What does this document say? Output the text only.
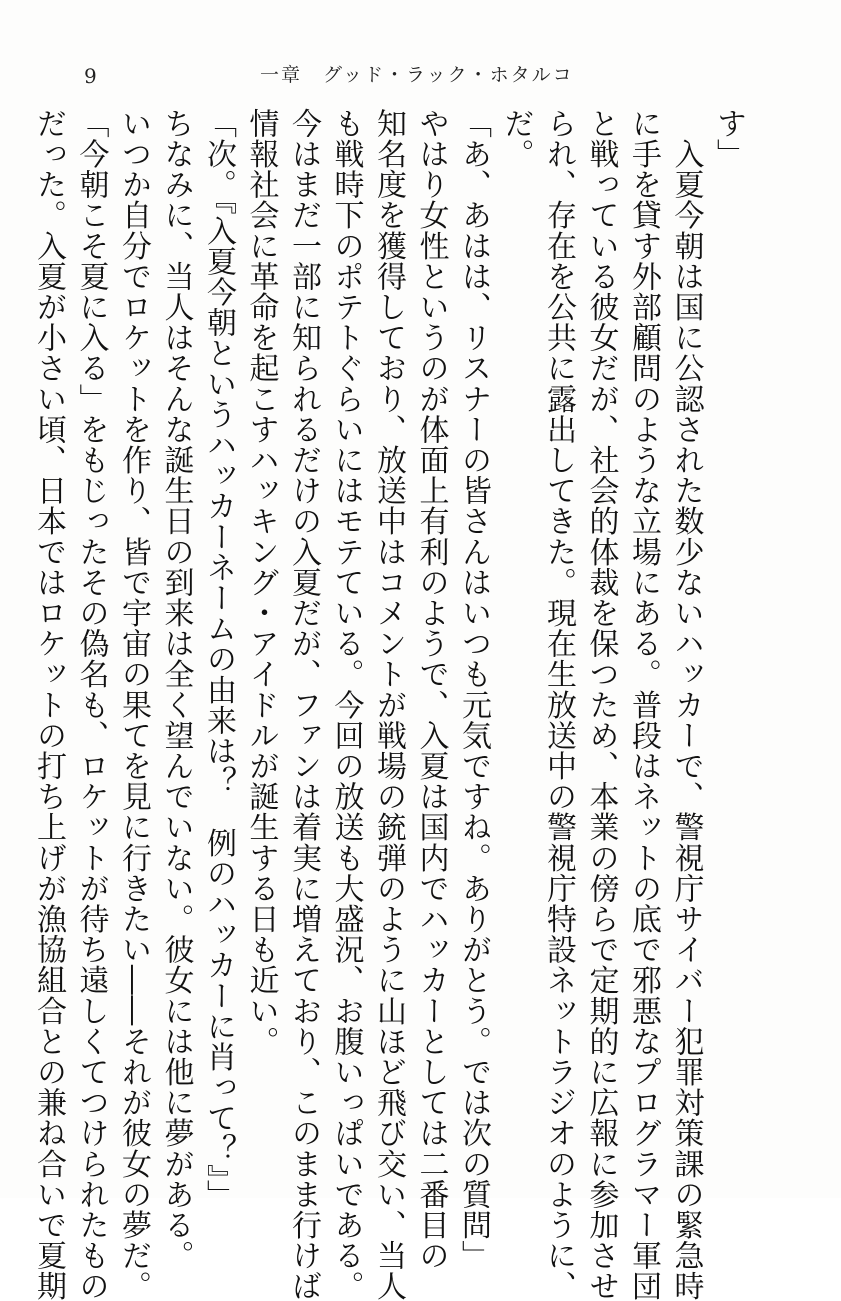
9	一章　グッド・ラック・ホタルコ
す」
　入夏今朝は国に公認された数少ないハッカーで、警視庁サイバー犯罪対策課の緊急時
に手を貸す外部顧問のような立場にある。普段はネットの底で邪悪なプログラマー軍団
と戦っている彼女だが、社会的体裁を保つため、本業の傍らで定期的に広報に参加させ
られ、存在を公共に露出してきた。現在生放送中の警視庁特設ネットラジオのように、
だ。
「あ、あはは、リスナーの皆さんはいつも元気ですね。ありがとう。では次の質問」
やはり女性というのが体面上有利のようで、入夏は国内でハッカーとしては二番目の
知名度を獲得しており、放送中はコメントが戦場の銃弾のように山ほど飛び交い、当人
も戦時下のポテトぐらいにはモテている。今回の放送も大盛況、お腹いっぱいである。
今はまだ一部に知られるだけの入夏だが、ファンは着実に増えており、このまま行けば
情報社会に革命を起こすハッキング・アイドルが誕生する日も近い。
「次。『入夏今朝というハッカーネームの由来は？　例のハッカーに肖って？』」
ちなみに、当人はそんな誕生日の到来は全く望んでいない。彼女には他に夢がある。
いつか自分でロケットを作り、皆で宇宙の果てを見に行きたい――それが彼女の夢だ。
「今朝こそ夏に入る」をもじったその偽名も、ロケットが待ち遠しくてつけられたもの
だった。入夏が小さい頃、日本ではロケットの打ち上げが漁協組合との兼ね合いで夏期
